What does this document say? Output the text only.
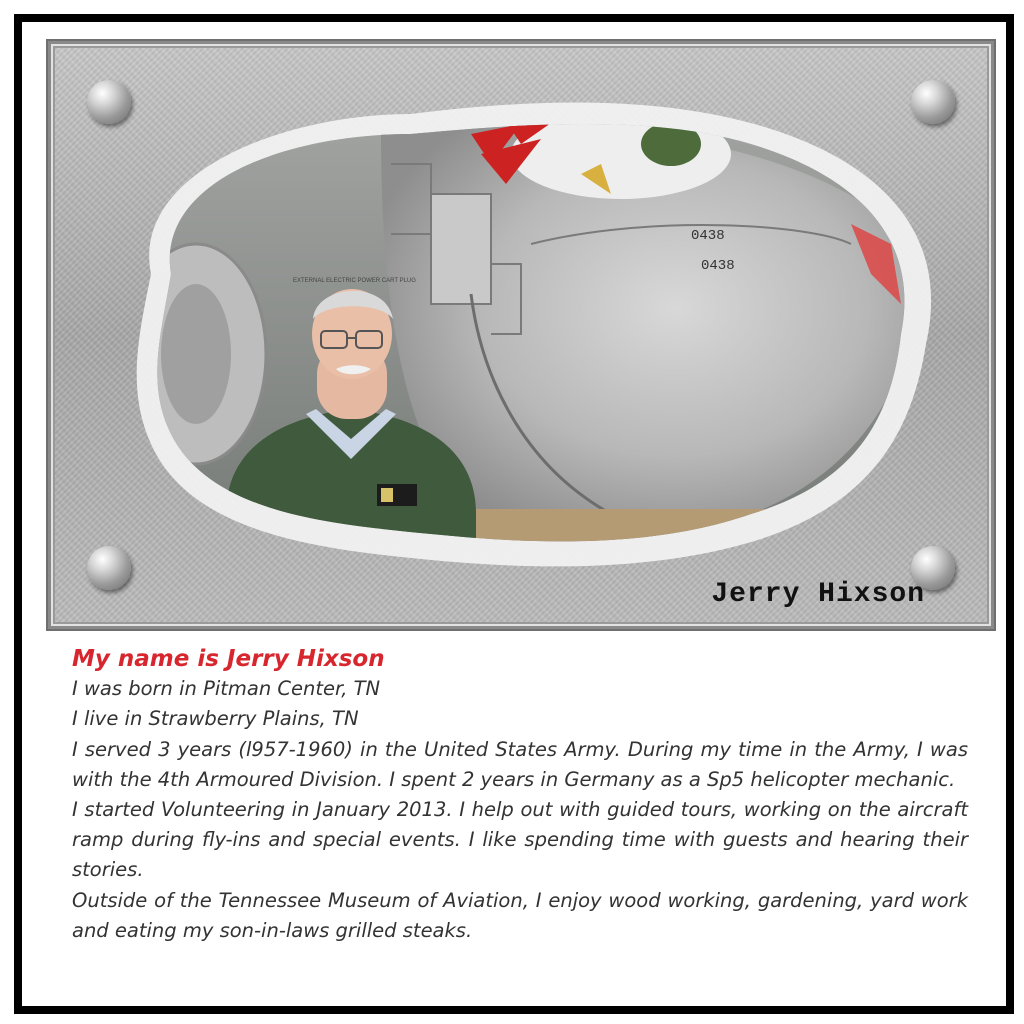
0438
0438
EXTERNAL ELECTRIC POWER CART PLUG
Jerry Hixson
My name is Jerry Hixson
I was born in Pitman Center, TN
I live in Strawberry Plains, TN

I served 3 years (l957-1960) in the United States Army. During my time in the Army, I was with the 4th Armoured Division. I spent 2 years in Germany as a Sp5 helicopter mechanic.

I started Volunteering in January 2013. I help out with guided tours, working on the aircraft ramp during fly-ins and special events. I like spending time with guests and hearing their stories.

Outside of the Tennessee Museum of Aviation, I enjoy wood working, gardening, yard work and eating my son-in-laws grilled steaks.
